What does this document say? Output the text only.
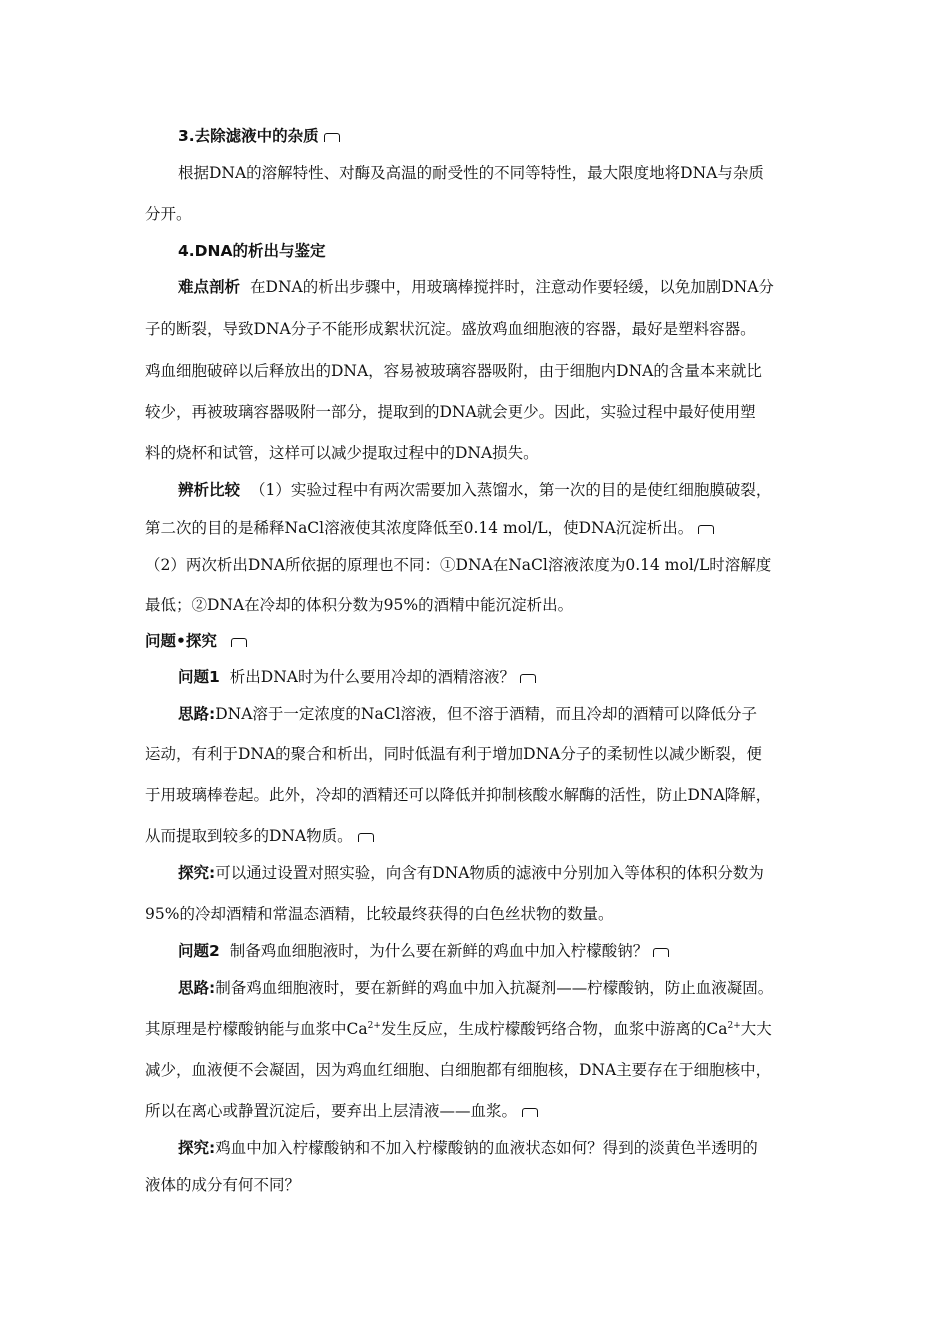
3.去除滤液中的杂质
根据DNA的溶解特性、对酶及高温的耐受性的不同等特性，最大限度地将DNA与杂质
分开。
4.DNA的析出与鉴定
难点剖析 在DNA的析出步骤中，用玻璃棒搅拌时，注意动作要轻缓，以免加剧DNA分
子的断裂，导致DNA分子不能形成絮状沉淀。盛放鸡血细胞液的容器，最好是塑料容器。
鸡血细胞破碎以后释放出的DNA，容易被玻璃容器吸附，由于细胞内DNA的含量本来就比
较少，再被玻璃容器吸附一部分，提取到的DNA就会更少。因此，实验过程中最好使用塑
料的烧杯和试管，这样可以减少提取过程中的DNA损失。
辨析比较 （1）实验过程中有两次需要加入蒸馏水，第一次的目的是使红细胞膜破裂，
第二次的目的是稀释NaCl溶液使其浓度降低至0.14 mol/L，使DNA沉淀析出。
（2）两次析出DNA所依据的原理也不同：①DNA在NaCl溶液浓度为0.14 mol/L时溶解度
最低；②DNA在冷却的体积分数为95%的酒精中能沉淀析出。
问题•探究
问题1 析出DNA时为什么要用冷却的酒精溶液？
思路:DNA溶于一定浓度的NaCl溶液，但不溶于酒精，而且冷却的酒精可以降低分子
运动，有利于DNA的聚合和析出，同时低温有利于增加DNA分子的柔韧性以减少断裂，便
于用玻璃棒卷起。此外，冷却的酒精还可以降低并抑制核酸水解酶的活性，防止DNA降解，
从而提取到较多的DNA物质。
探究:可以通过设置对照实验，向含有DNA物质的滤液中分别加入等体积的体积分数为
95%的冷却酒精和常温态酒精，比较最终获得的白色丝状物的数量。
问题2 制备鸡血细胞液时，为什么要在新鲜的鸡血中加入柠檬酸钠？
思路:制备鸡血细胞液时，要在新鲜的鸡血中加入抗凝剂——柠檬酸钠，防止血液凝固。
其原理是柠檬酸钠能与血浆中$Ca^{2+}$发生反应，生成柠檬酸钙络合物，血浆中游离的$Ca^{2+}$大大
减少，血液便不会凝固，因为鸡血红细胞、白细胞都有细胞核，DNA主要存在于细胞核中，
所以在离心或静置沉淀后，要弃出上层清液——血浆。
探究:鸡血中加入柠檬酸钠和不加入柠檬酸钠的血液状态如何？得到的淡黄色半透明的
液体的成分有何不同？
